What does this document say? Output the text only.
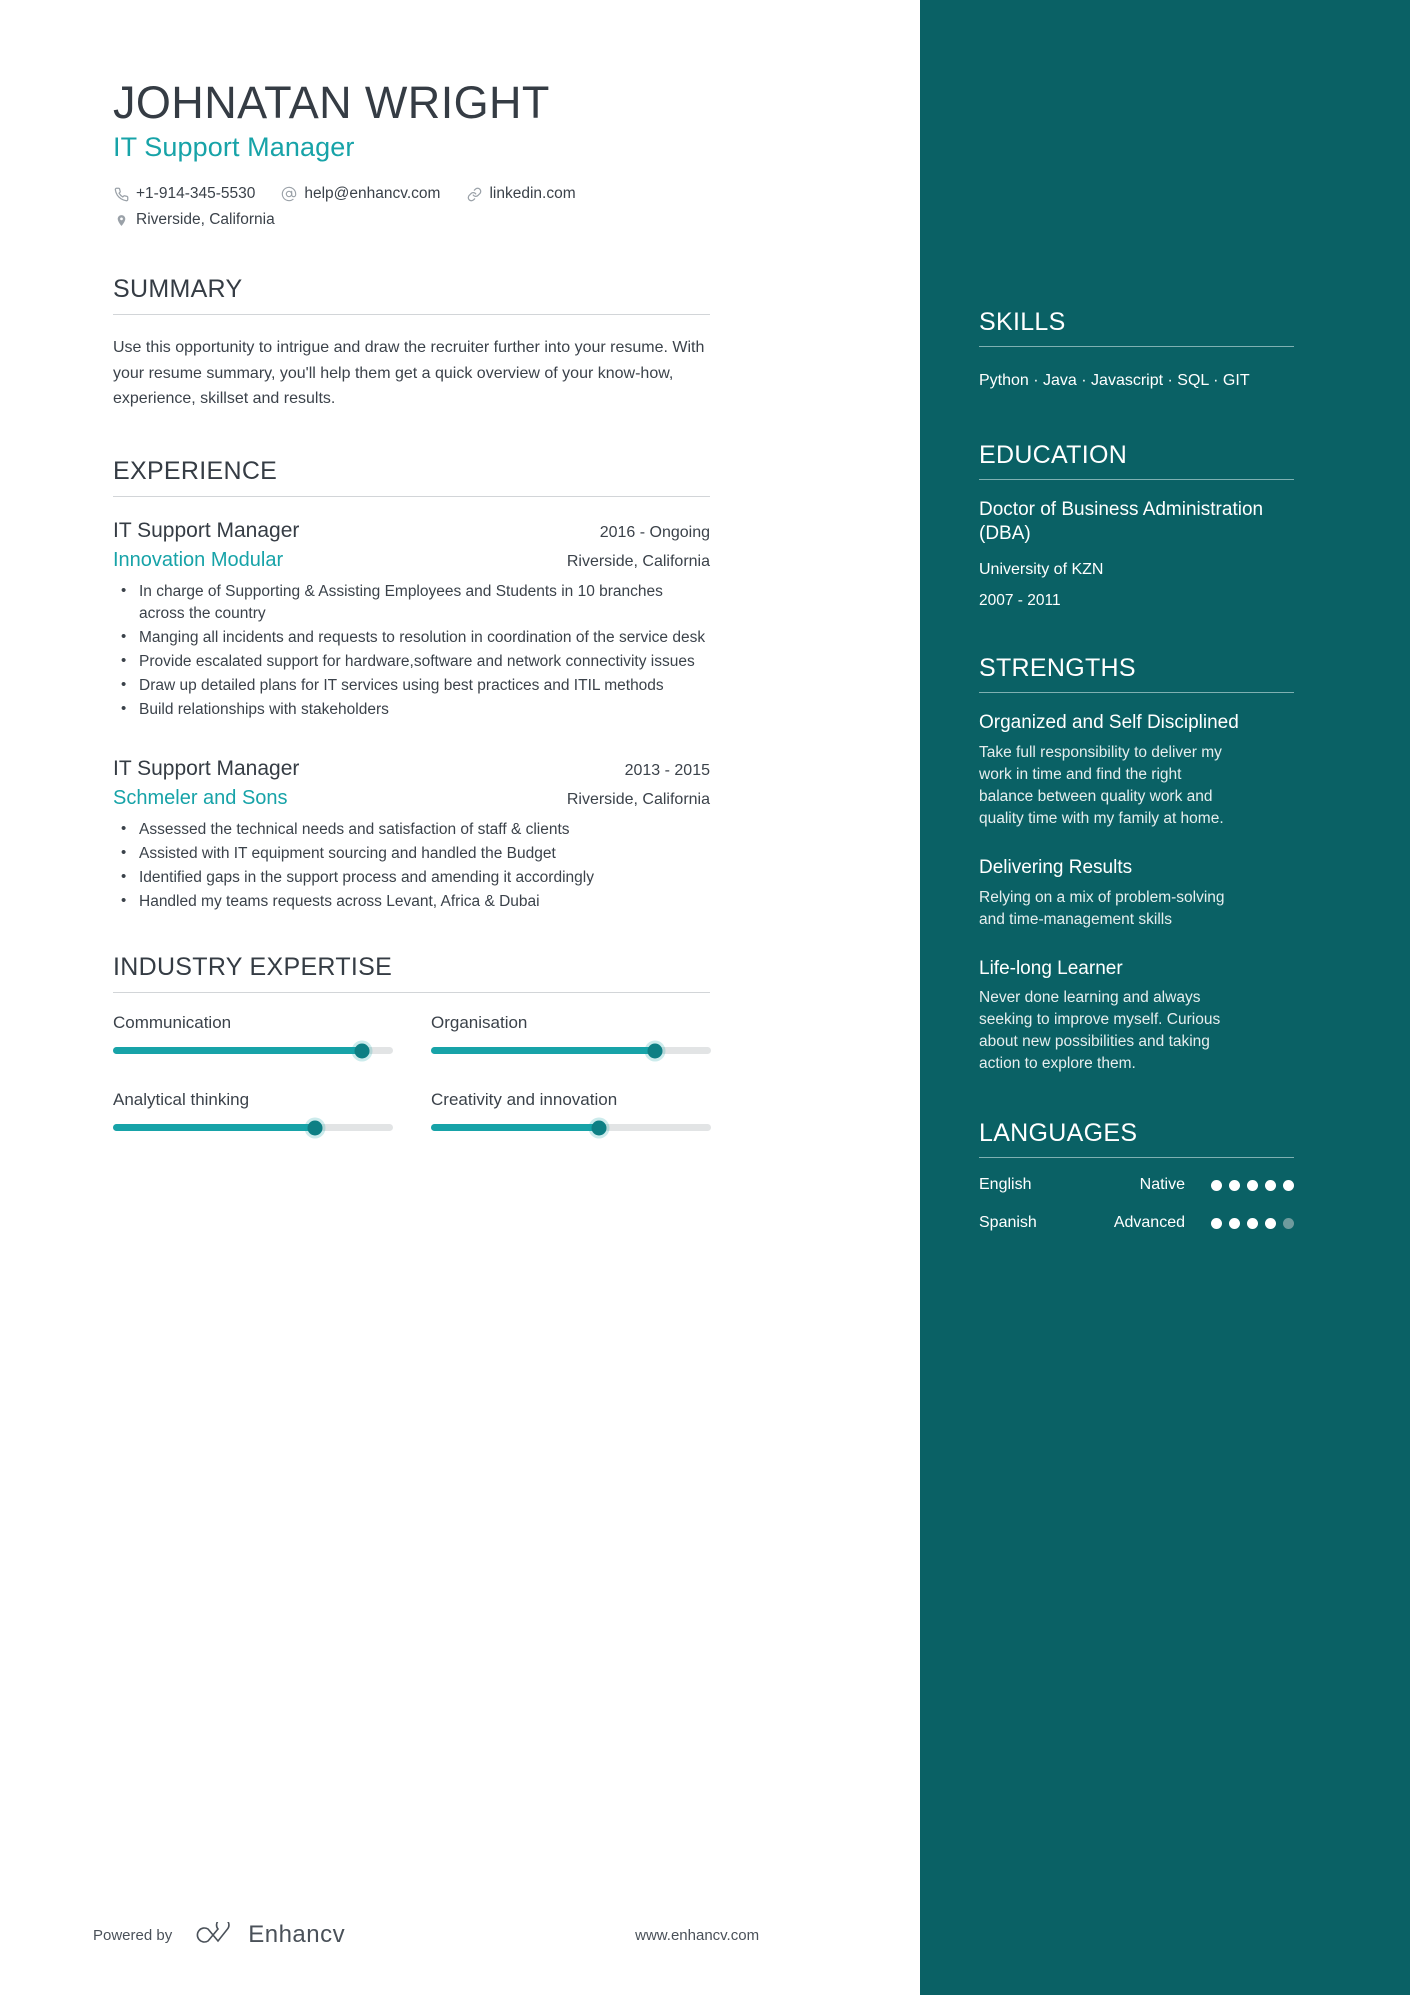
JOHNATAN WRIGHT
IT Support Manager
+1-914-345-5530	help@enhancv.com	linkedin.com
Riverside, California
SUMMARY
Use this opportunity to intrigue and draw the recruiter further into your resume. With your resume summary, you'll help them get a quick overview of your know-how, experience, skillset and results.
EXPERIENCE
IT Support Manager	2016 - Ongoing
Innovation Modular	Riverside, California
• In charge of Supporting & Assisting Employees and Students in 10 branches across the country
• Manging all incidents and requests to resolution in coordination of the service desk
• Provide escalated support for hardware,software and network connectivity issues
• Draw up detailed plans for IT services using best practices and ITIL methods
• Build relationships with stakeholders
IT Support Manager	2013 - 2015
Schmeler and Sons	Riverside, California
• Assessed the technical needs and satisfaction of staff & clients
• Assisted with IT equipment sourcing and handled the Budget
• Identified gaps in the support process and amending it accordingly
• Handled my teams requests across Levant, Africa & Dubai
INDUSTRY EXPERTISE
Communication	Organisation
Analytical thinking	Creativity and innovation
Powered by	Enhancv	www.enhancv.com
SKILLS
Python · Java · Javascript · SQL · GIT
EDUCATION
Doctor of Business Administration (DBA)
University of KZN
2007 - 2011
STRENGTHS
Organized and Self Disciplined
Take full responsibility to deliver my work in time and find the right balance between quality work and quality time with my family at home.
Delivering Results
Relying on a mix of problem-solving and time-management skills
Life-long Learner
Never done learning and always seeking to improve myself. Curious about new possibilities and taking action to explore them.
LANGUAGES
English	Native
Spanish	Advanced
